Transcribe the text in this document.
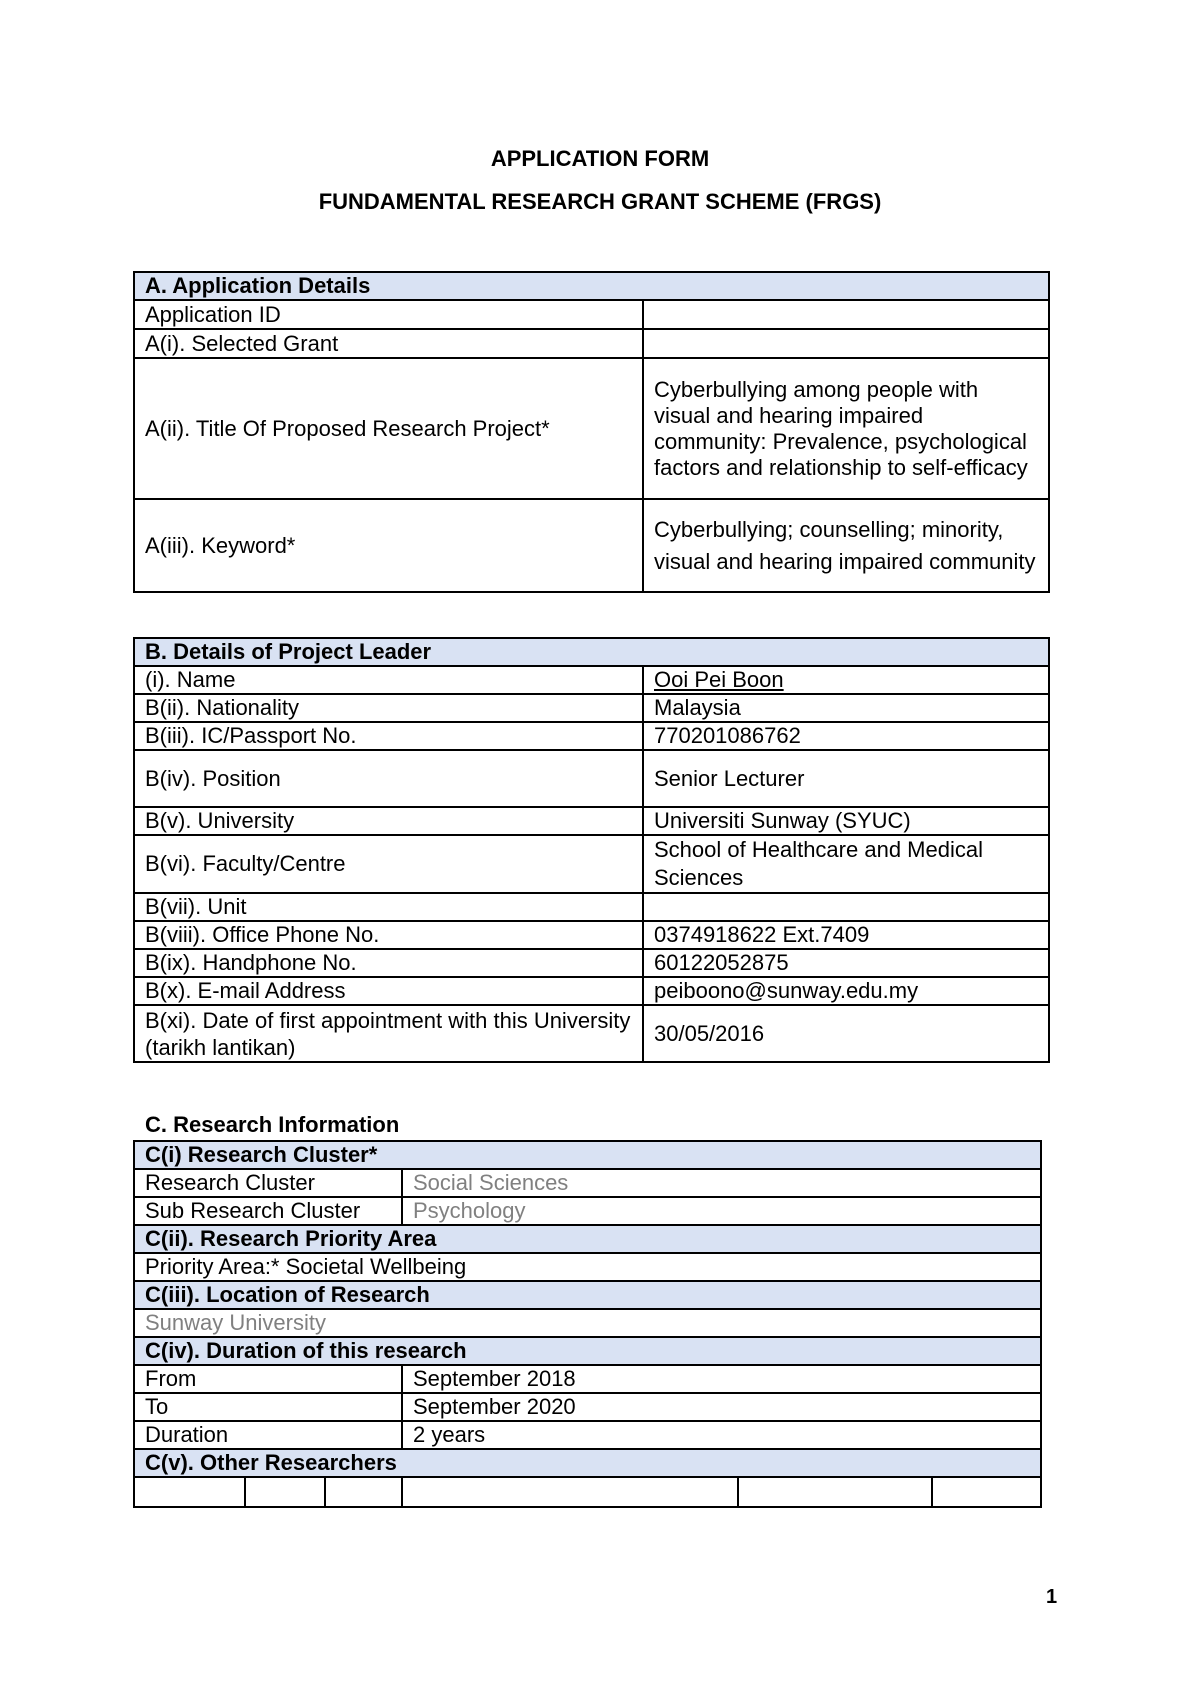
APPLICATION FORM
FUNDAMENTAL RESEARCH GRANT SCHEME (FRGS)
A. Application Details	
Application ID	
A(i). Selected Grant	
A(ii). Title Of Proposed Research Project*	Cyberbullying among people with visual and hearing impaired community: Prevalence, psychological factors and relationship to self-efficacy
A(iii). Keyword*	Cyberbullying; counselling; minority, visual and hearing impaired community
B. Details of Project Leader	
(i). Name	Ooi Pei Boon
B(ii). Nationality	Malaysia
B(iii). IC/Passport No.	770201086762
B(iv). Position	Senior Lecturer
B(v). University	Universiti Sunway (SYUC)
B(vi). Faculty/Centre	School of Healthcare and Medical Sciences
B(vii). Unit	
B(viii). Office Phone No.	0374918622 Ext.7409
B(ix). Handphone No.	60122052875
B(x). E-mail Address	peiboono@sunway.edu.my
B(xi). Date of first appointment with this University (tarikh lantikan)	30/05/2016
C. Research Information
C(i) Research Cluster*					
Research Cluster			Social Sciences		
Sub Research Cluster			Psychology		
C(ii). Research Priority Area					
Priority Area:* Societal Wellbeing					
C(iii). Location of Research					
Sunway University					
C(iv). Duration of this research					
From			September 2018		
To			September 2020		
Duration			2 years		
C(v). Other Researchers					

1
